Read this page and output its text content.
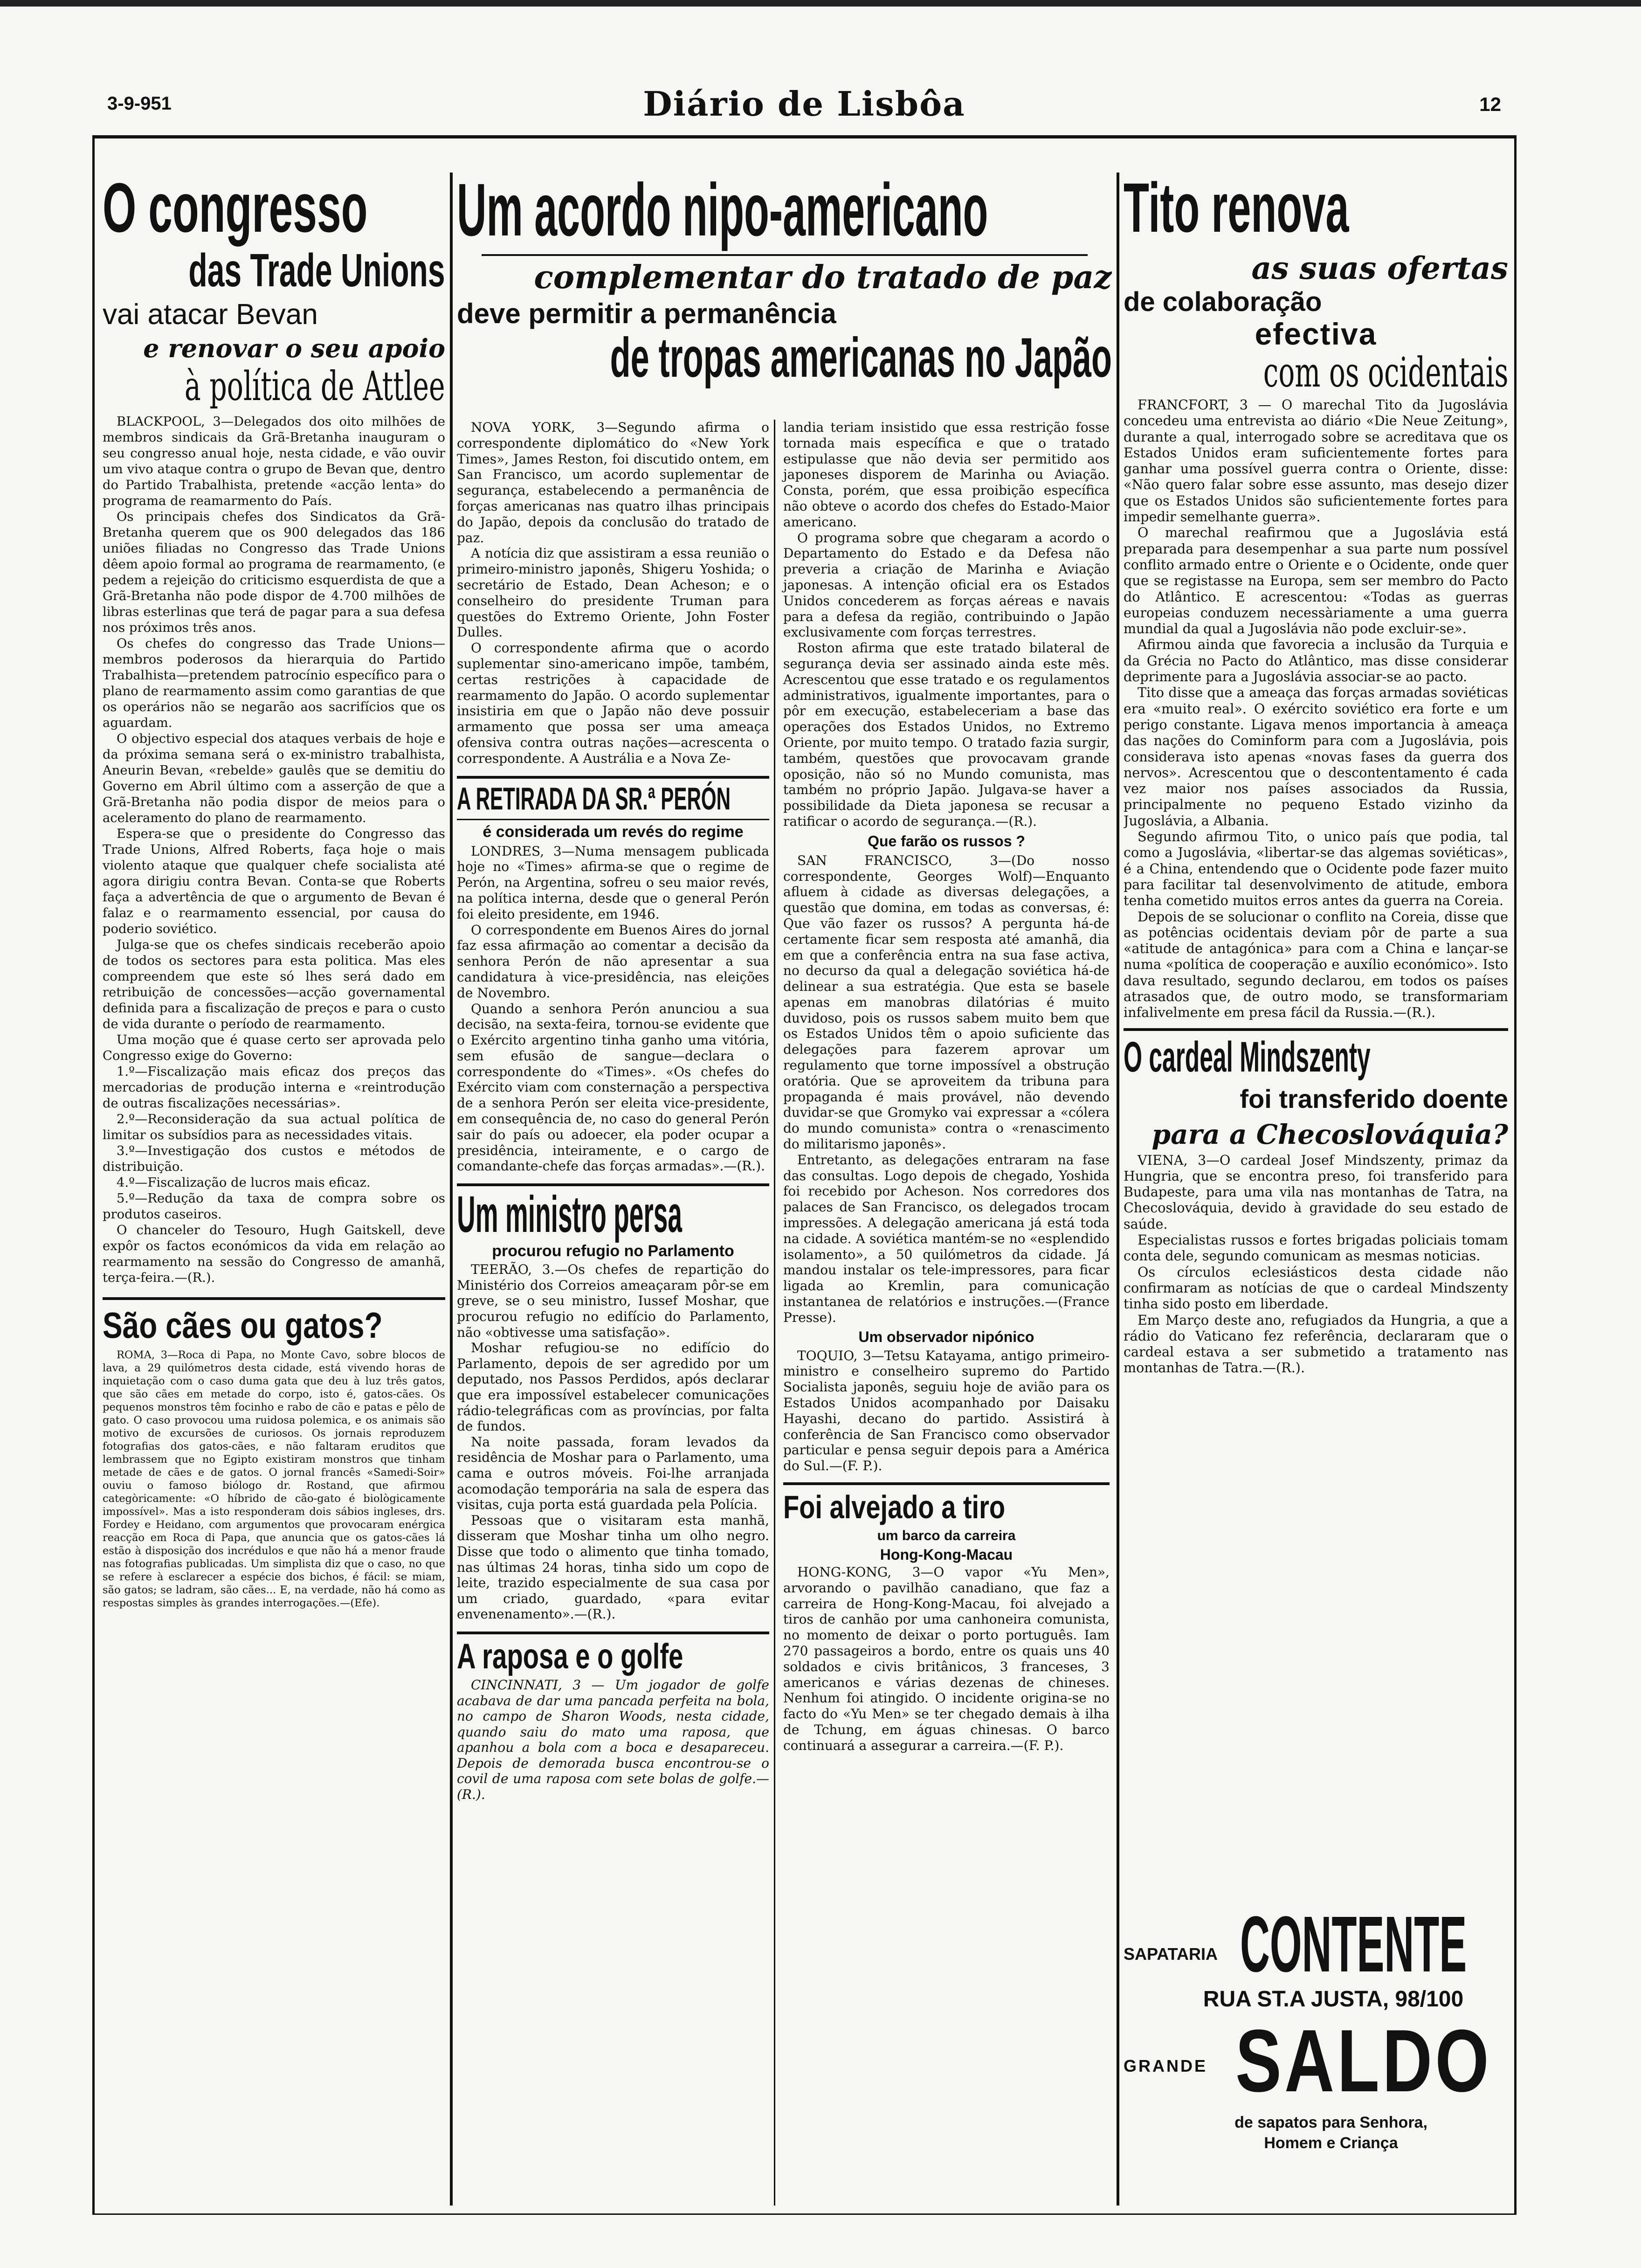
3-9-951	Diário de Lisbôa	12
O congresso
das Trade Unions
vai atacar Bevan
e renovar o seu apoio
à política de Attlee

BLACKPOOL, 3—Delegados dos oito milhões de membros sindicais da Grã-Bretanha inauguram o seu congresso anual hoje, nesta cidade, e vão ouvir um vivo ataque contra o grupo de Bevan que, dentro do Partido Trabalhista, pretende «acção lenta» do programa de reamarmento do País.

Os principais chefes dos Sindicatos da Grã-Bretanha querem que os 900 delegados das 186 uniões filiadas no Congresso das Trade Unions dêem apoio formal ao programa de rearmamento, (e pedem a rejeição do criticismo esquerdista de que a Grã-Bretanha não pode dispor de 4.700 milhões de libras esterlinas que terá de pagar para a sua defesa nos próximos três anos.

Os chefes do congresso das Trade Unions—membros poderosos da hierarquia do Partido Trabalhista—pretendem patrocínio específico para o plano de rearmamento assim como garantias de que os operários não se negarão aos sacrifícios que os aguardam.

O objectivo especial dos ataques verbais de hoje e da próxima semana será o ex-ministro trabalhista, Aneurin Bevan, «rebelde» gaulês que se demitiu do Governo em Abril último com a asserção de que a Grã-Bretanha não podia dispor de meios para o aceleramento do plano de rearmamento.

Espera-se que o presidente do Congresso das Trade Unions, Alfred Roberts, faça hoje o mais violento ataque que qualquer chefe socialista até agora dirigiu contra Bevan. Conta-se que Roberts faça a advertência de que o argumento de Bevan é falaz e o rearmamento essencial, por causa do poderio soviético.

Julga-se que os chefes sindicais receberão apoio de todos os sectores para esta politica. Mas eles compreendem que este só lhes será dado em retribuição de concessões—acção governamental definida para a fiscalização de preços e para o custo de vida durante o período de rearmamento.

Uma moção que é quase certo ser aprovada pelo Congresso exige do Governo:

1.º—Fiscalização mais eficaz dos preços das mercadorias de produção interna e «reintrodução de outras fiscalizações necessárias».

2.º—Reconsideração da sua actual política de limitar os subsídios para as necessidades vitais.

3.º—Investigação dos custos e métodos de distribuição.

4.º—Fiscalização de lucros mais eficaz.

5.º—Redução da taxa de compra sobre os produtos caseiros.

O chanceler do Tesouro, Hugh Gaitskell, deve expôr os factos económicos da vida em relação ao rearmamento na sessão do Congresso de amanhã, terça-feira.—(R.).

São cães ou gatos?

ROMA, 3—Roca di Papa, no Monte Cavo, sobre blocos de lava, a 29 quilómetros desta cidade, está vivendo horas de inquietação com o caso duma gata que deu à luz três gatos, que são cães em metade do corpo, isto é, gatos-cães. Os pequenos monstros têm focinho e rabo de cão e patas e pêlo de gato. O caso provocou uma ruidosa polemica, e os animais são motivo de excursões de curiosos. Os jornais reproduzem fotografias dos gatos-cães, e não faltaram eruditos que lembrassem que no Egipto existiram monstros que tinham metade de cães e de gatos. O jornal francês «Samedi-Soir» ouviu o famoso biólogo dr. Rostand, que afirmou categòricamente: «O híbrido de cão-gato é biològicamente impossível». Mas a isto responderam dois sábios ingleses, drs. Fordey e Heidano, com argumentos que provocaram enérgica reacção em Roca di Papa, que anuncia que os gatos-cães lá estão à disposição dos incrédulos e que não há a menor fraude nas fotografias publicadas. Um simplista diz que o caso, no que se refere à esclarecer a espécie dos bichos, é fácil: se miam, são gatos; se ladram, são cães... E, na verdade, não há como as respostas simples às grandes interrogações.—(Efe).

Um acordo nipo-americano
complementar do tratado de paz
deve permitir a permanência
de tropas americanas no Japão

NOVA YORK, 3—Segundo afirma o correspondente diplomático do «New York Times», James Reston, foi discutido ontem, em San Francisco, um acordo suplementar de segurança, estabelecendo a permanência de forças americanas nas quatro ilhas principais do Japão, depois da conclusão do tratado de paz.

A notícia diz que assistiram a essa reunião o primeiro-ministro japonês, Shigeru Yoshida; o secretário de Estado, Dean Acheson; e o conselheiro do presidente Truman para questões do Extremo Oriente, John Foster Dulles.

O correspondente afirma que o acordo suplementar sino-americano impõe, também, certas restrições à capacidade de rearmamento do Japão. O acordo suplementar insistiria em que o Japão não deve possuir armamento que possa ser uma ameaça ofensiva contra outras nações—acrescenta o correspondente. A Austrália e a Nova Ze-

A RETIRADA DA SR.ª PERÓN
é considerada um revés do regime

LONDRES, 3—Numa mensagem publicada hoje no «Times» afirma-se que o regime de Perón, na Argentina, sofreu o seu maior revés, na política interna, desde que o general Perón foi eleito presidente, em 1946.

O correspondente em Buenos Aires do jornal faz essa afirmação ao comentar a decisão da senhora Perón de não apresentar a sua candidatura à vice-presidência, nas eleições de Novembro.

Quando a senhora Perón anunciou a sua decisão, na sexta-feira, tornou-se evidente que o Exército argentino tinha ganho uma vitória, sem efusão de sangue—declara o correspondente do «Times». «Os chefes do Exército viam com consternação a perspectiva de a senhora Perón ser eleita vice-presidente, em consequência de, no caso do general Perón sair do país ou adoecer, ela poder ocupar a presidência, inteiramente, e o cargo de comandante-chefe das forças armadas».—(R.).

Um ministro persa
procurou refugio no Parlamento

TEERÃO, 3.—Os chefes de repartição do Ministério dos Correios ameaçaram pôr-se em greve, se o seu ministro, Iussef Moshar, que procurou refugio no edifício do Parlamento, não «obtivesse uma satisfação».

Moshar refugiou-se no edifício do Parlamento, depois de ser agredido por um deputado, nos Passos Perdidos, após declarar que era impossível estabelecer comunicações rádio-telegráficas com as províncias, por falta de fundos.

Na noite passada, foram levados da residência de Moshar para o Parlamento, uma cama e outros móveis. Foi-lhe arranjada acomodação temporária na sala de espera das visitas, cuja porta está guardada pela Polícia.

Pessoas que o visitaram esta manhã, disseram que Moshar tinha um olho negro. Disse que todo o alimento que tinha tomado, nas últimas 24 horas, tinha sido um copo de leite, trazido especialmente de sua casa por um criado, guardado, «para evitar envenenamento».—(R.).

A raposa e o golfe

CINCINNATI, 3 — Um jogador de golfe acabava de dar uma pancada perfeita na bola, no campo de Sharon Woods, nesta cidade, quando saiu do mato uma raposa, que apanhou a bola com a boca e desapareceu. Depois de demorada busca encontrou-se o covil de uma raposa com sete bolas de golfe.—(R.).

landia teriam insistido que essa restrição fosse tornada mais específica e que o tratado estipulasse que não devia ser permitido aos japoneses disporem de Marinha ou Aviação. Consta, porém, que essa proibição específica não obteve o acordo dos chefes do Estado-Maior americano.

O programa sobre que chegaram a acordo o Departamento do Estado e da Defesa não preveria a criação de Marinha e Aviação japonesas. A intenção oficial era os Estados Unidos concederem as forças aéreas e navais para a defesa da região, contribuindo o Japão exclusivamente com forças terrestres.

Roston afirma que este tratado bilateral de segurança devia ser assinado ainda este mês. Acrescentou que esse tratado e os regulamentos administrativos, igualmente importantes, para o pôr em execução, estabeleceriam a base das operações dos Estados Unidos, no Extremo Oriente, por muito tempo. O tratado fazia surgir, também, questões que provocavam grande oposição, não só no Mundo comunista, mas também no próprio Japão. Julgava-se haver a possibilidade da Dieta japonesa se recusar a ratificar o acordo de segurança.—(R.).

Que farão os russos ?

SAN FRANCISCO, 3—(Do nosso correspondente, Georges Wolf)—Enquanto afluem à cidade as diversas delegações, a questão que domina, em todas as conversas, é: Que vão fazer os russos? A pergunta há-de certamente ficar sem resposta até amanhã, dia em que a conferência entra na sua fase activa, no decurso da qual a delegação soviética há-de delinear a sua estratégia. Que esta se basele apenas em manobras dilatórias é muito duvidoso, pois os russos sabem muito bem que os Estados Unidos têm o apoio suficiente das delegações para fazerem aprovar um regulamento que torne impossível a obstrução oratória. Que se aproveitem da tribuna para propaganda é mais provável, não devendo duvidar-se que Gromyko vai expressar a «cólera do mundo comunista» contra o «renascimento do militarismo japonês».

Entretanto, as delegações entraram na fase das consultas. Logo depois de chegado, Yoshida foi recebido por Acheson. Nos corredores dos palaces de San Francisco, os delegados trocam impressões. A delegação americana já está toda na cidade. A soviética mantém-se no «esplendido isolamento», a 50 quilómetros da cidade. Já mandou instalar os tele-impressores, para ficar ligada ao Kremlin, para comunicação instantanea de relatórios e instruções.—(France Presse).

Um observador nipónico

TOQUIO, 3—Tetsu Katayama, antigo primeiro-ministro e conselheiro supremo do Partido Socialista japonês, seguiu hoje de avião para os Estados Unidos acompanhado por Daisaku Hayashi, decano do partido. Assistirá à conferência de San Francisco como observador particular e pensa seguir depois para a América do Sul.—(F. P.).

Foi alvejado a tiro
um barco da carreira
Hong-Kong-Macau

HONG-KONG, 3—O vapor «Yu Men», arvorando o pavilhão canadiano, que faz a carreira de Hong-Kong-Macau, foi alvejado a tiros de canhão por uma canhoneira comunista, no momento de deixar o porto português. Iam 270 passageiros a bordo, entre os quais uns 40 soldados e civis britânicos, 3 franceses, 3 americanos e várias dezenas de chineses. Nenhum foi atingido. O incidente origina-se no facto do «Yu Men» se ter chegado demais à ilha de Tchung, em águas chinesas. O barco continuará a assegurar a carreira.—(F. P.).

Tito renova
as suas ofertas
de colaboração
efectiva
com os ocidentais

FRANCFORT, 3 — O marechal Tito da Jugoslávia concedeu uma entrevista ao diário «Die Neue Zeitung», durante a qual, interrogado sobre se acreditava que os Estados Unidos eram suficientemente fortes para ganhar uma possível guerra contra o Oriente, disse: «Não quero falar sobre esse assunto, mas desejo dizer que os Estados Unidos são suficientemente fortes para impedir semelhante guerra».

O marechal reafirmou que a Jugoslávia está preparada para desempenhar a sua parte num possível conflito armado entre o Oriente e o Ocidente, onde quer que se registasse na Europa, sem ser membro do Pacto do Atlântico. E acrescentou: «Todas as guerras europeias conduzem necessàriamente a uma guerra mundial da qual a Jugoslávia não pode excluir-se».

Afirmou ainda que favorecia a inclusão da Turquia e da Grécia no Pacto do Atlântico, mas disse considerar deprimente para a Jugoslávia associar-se ao pacto.

Tito disse que a ameaça das forças armadas soviéticas era «muito real». O exército soviético era forte e um perigo constante. Ligava menos importancia à ameaça das nações do Cominform para com a Jugoslávia, pois considerava isto apenas «novas fases da guerra dos nervos». Acrescentou que o descontentamento é cada vez maior nos países associados da Russia, principalmente no pequeno Estado vizinho da Jugoslávia, a Albania.

Segundo afirmou Tito, o unico país que podia, tal como a Jugoslávia, «libertar-se das algemas soviéticas», é a China, entendendo que o Ocidente pode fazer muito para facilitar tal desenvolvimento de atitude, embora tenha cometido muitos erros antes da guerra na Coreia.

Depois de se solucionar o conflito na Coreia, disse que as potências ocidentais deviam pôr de parte a sua «atitude de antagónica» para com a China e lançar-se numa «política de cooperação e auxílio económico». Isto dava resultado, segundo declarou, em todos os países atrasados que, de outro modo, se transformariam infalivelmente em presa fácil da Russia.—(R.).

O cardeal Mindszenty
foi transferido doente
para a Checoslováquia?

VIENA, 3—O cardeal Josef Mindszenty, primaz da Hungria, que se encontra preso, foi transferido para Budapeste, para uma vila nas montanhas de Tatra, na Checoslováquia, devido à gravidade do seu estado de saúde.

Especialistas russos e fortes brigadas policiais tomam conta dele, segundo comunicam as mesmas noticias.

Os círculos eclesiásticos desta cidade não confirmaram as notícias de que o cardeal Mindszenty tinha sido posto em liberdade.

Em Março deste ano, refugiados da Hungria, a que a rádio do Vaticano fez referência, declararam que o cardeal estava a ser submetido a tratamento nas montanhas de Tatra.—(R.).

SAPATARIA CONTENTE
RUA ST.A JUSTA, 98/100
GRANDE SALDO
de sapatos para Senhora,
Homem e Criança
